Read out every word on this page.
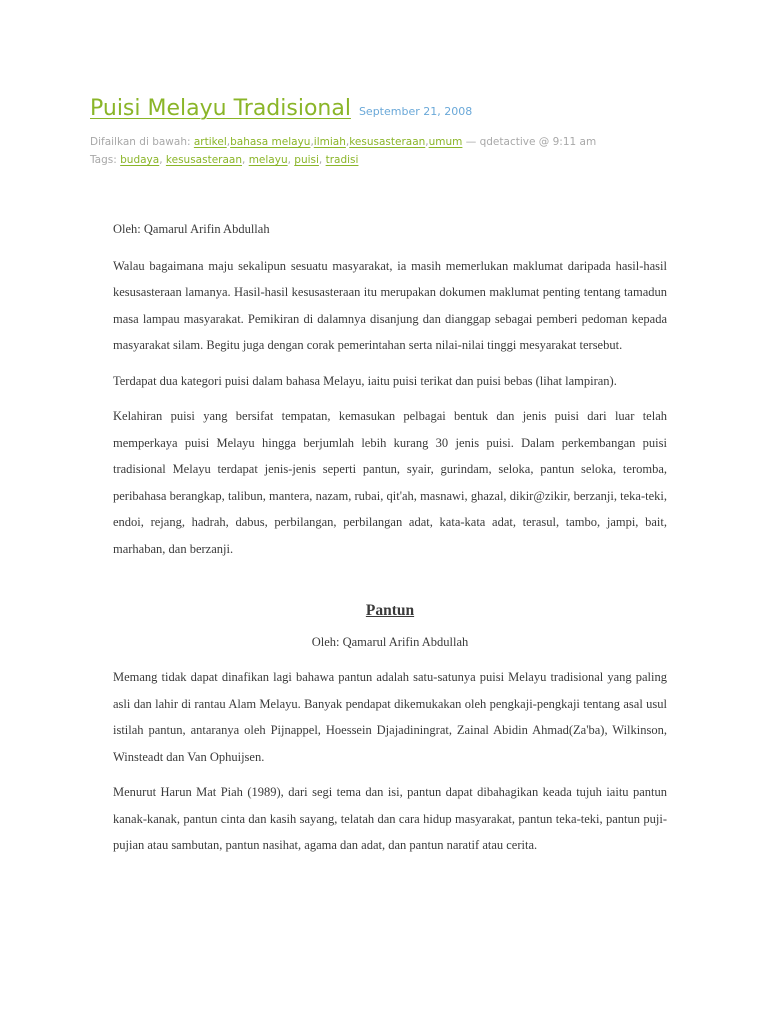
Puisi Melayu Tradisional September 21, 2008
Difailkan di bawah: artikel,bahasa melayu,ilmiah,kesusasteraan,umum — qdetactive @ 9:11 am
Tags: budaya, kesusasteraan, melayu, puisi, tradisi

Oleh: Qamarul Arifin Abdullah

Walau bagaimana maju sekalipun sesuatu masyarakat, ia masih memerlukan maklumat daripada hasil-hasil kesusasteraan lamanya. Hasil-hasil kesusasteraan itu merupakan dokumen maklumat penting tentang tamadun masa lampau masyarakat. Pemikiran di dalamnya disanjung dan dianggap sebagai pemberi pedoman kepada masyarakat silam. Begitu juga dengan corak pemerintahan serta nilai-nilai tinggi mesyarakat tersebut.

Terdapat dua kategori puisi dalam bahasa Melayu, iaitu puisi terikat dan puisi bebas (lihat lampiran).

Kelahiran puisi yang bersifat tempatan, kemasukan pelbagai bentuk dan jenis puisi dari luar telah memperkaya puisi Melayu hingga berjumlah lebih kurang 30 jenis puisi. Dalam perkembangan puisi tradisional Melayu terdapat jenis-jenis seperti pantun, syair, gurindam, seloka, pantun seloka, teromba, peribahasa berangkap, talibun, mantera, nazam, rubai, qit'ah, masnawi, ghazal, dikir@zikir, berzanji, teka-teki, endoi, rejang, hadrah, dabus, perbilangan, perbilangan adat, kata-kata adat, terasul, tambo, jampi, bait, marhaban, dan berzanji.

Pantun

Oleh: Qamarul Arifin Abdullah

Memang tidak dapat dinafikan lagi bahawa pantun adalah satu-satunya puisi Melayu tradisional yang paling asli dan lahir di rantau Alam Melayu. Banyak pendapat dikemukakan oleh pengkaji-pengkaji tentang asal usul istilah pantun, antaranya oleh Pijnappel, Hoessein Djajadiningrat, Zainal Abidin Ahmad(Za'ba), Wilkinson, Winsteadt dan Van Ophuijsen.

Menurut Harun Mat Piah (1989), dari segi tema dan isi, pantun dapat dibahagikan keada tujuh iaitu pantun kanak-kanak, pantun cinta dan kasih sayang, telatah dan cara hidup masyarakat, pantun teka-teki, pantun puji-pujian atau sambutan, pantun nasihat, agama dan adat, dan pantun naratif atau cerita.
